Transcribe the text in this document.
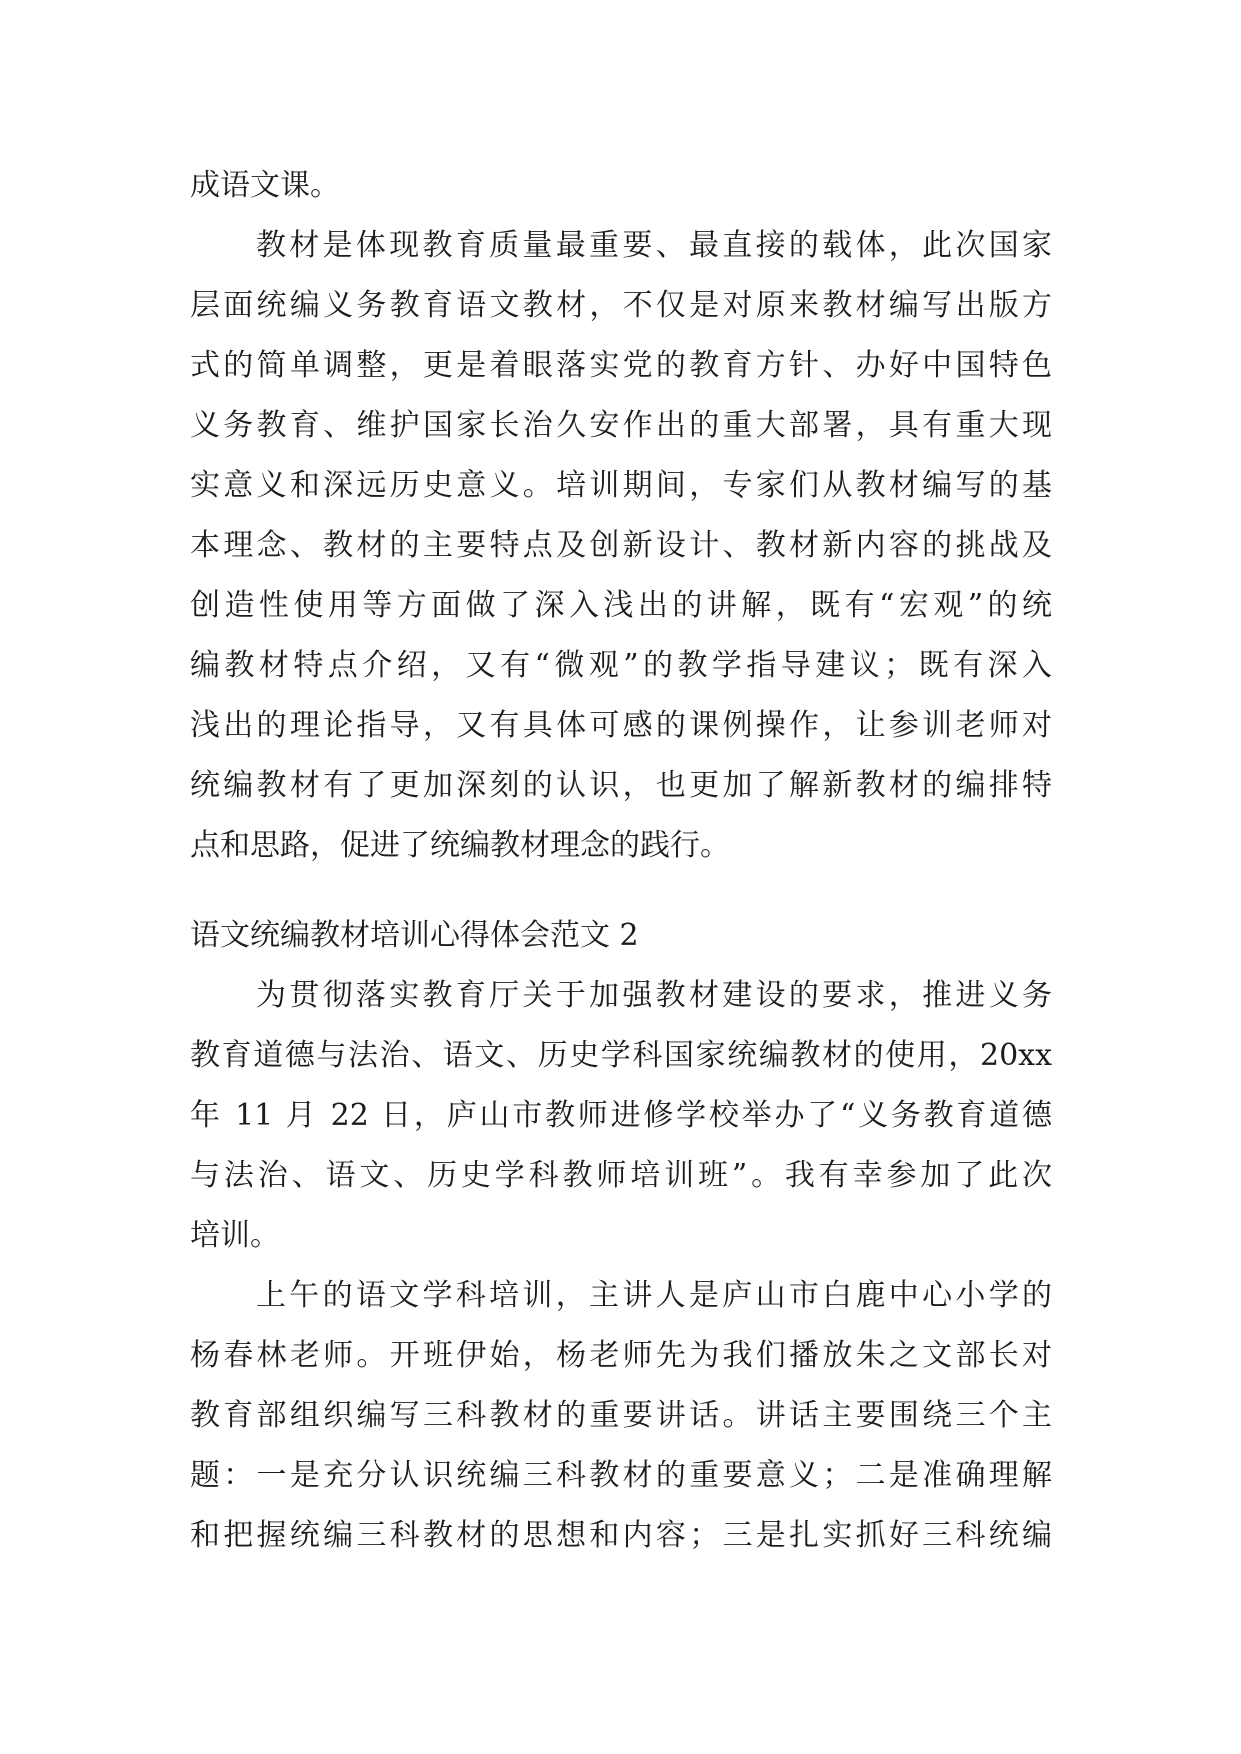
成语文课。
教材是体现教育质量最重要、最直接的载体，此次国家
层面统编义务教育语文教材，不仅是对原来教材编写出版方
式的简单调整，更是着眼落实党的教育方针、办好中国特色
义务教育、维护国家长治久安作出的重大部署，具有重大现
实意义和深远历史意义。培训期间，专家们从教材编写的基
本理念、教材的主要特点及创新设计、教材新内容的挑战及
创造性使用等方面做了深入浅出的讲解，既有“宏观”的统
编教材特点介绍，又有“微观”的教学指导建议；既有深入
浅出的理论指导，又有具体可感的课例操作，让参训老师对
统编教材有了更加深刻的认识，也更加了解新教材的编排特
点和思路，促进了统编教材理念的践行。
语文统编教材培训心得体会范文 2
为贯彻落实教育厅关于加强教材建设的要求，推进义务
教育道德与法治、语文、历史学科国家统编教材的使用，20xx
年 11 月 22 日，庐山市教师进修学校举办了“义务教育道德
与法治、语文、历史学科教师培训班”。我有幸参加了此次
培训。
上午的语文学科培训，主讲人是庐山市白鹿中心小学的
杨春林老师。开班伊始，杨老师先为我们播放朱之文部长对
教育部组织编写三科教材的重要讲话。讲话主要围绕三个主
题：一是充分认识统编三科教材的重要意义；二是准确理解
和把握统编三科教材的思想和内容；三是扎实抓好三科统编
